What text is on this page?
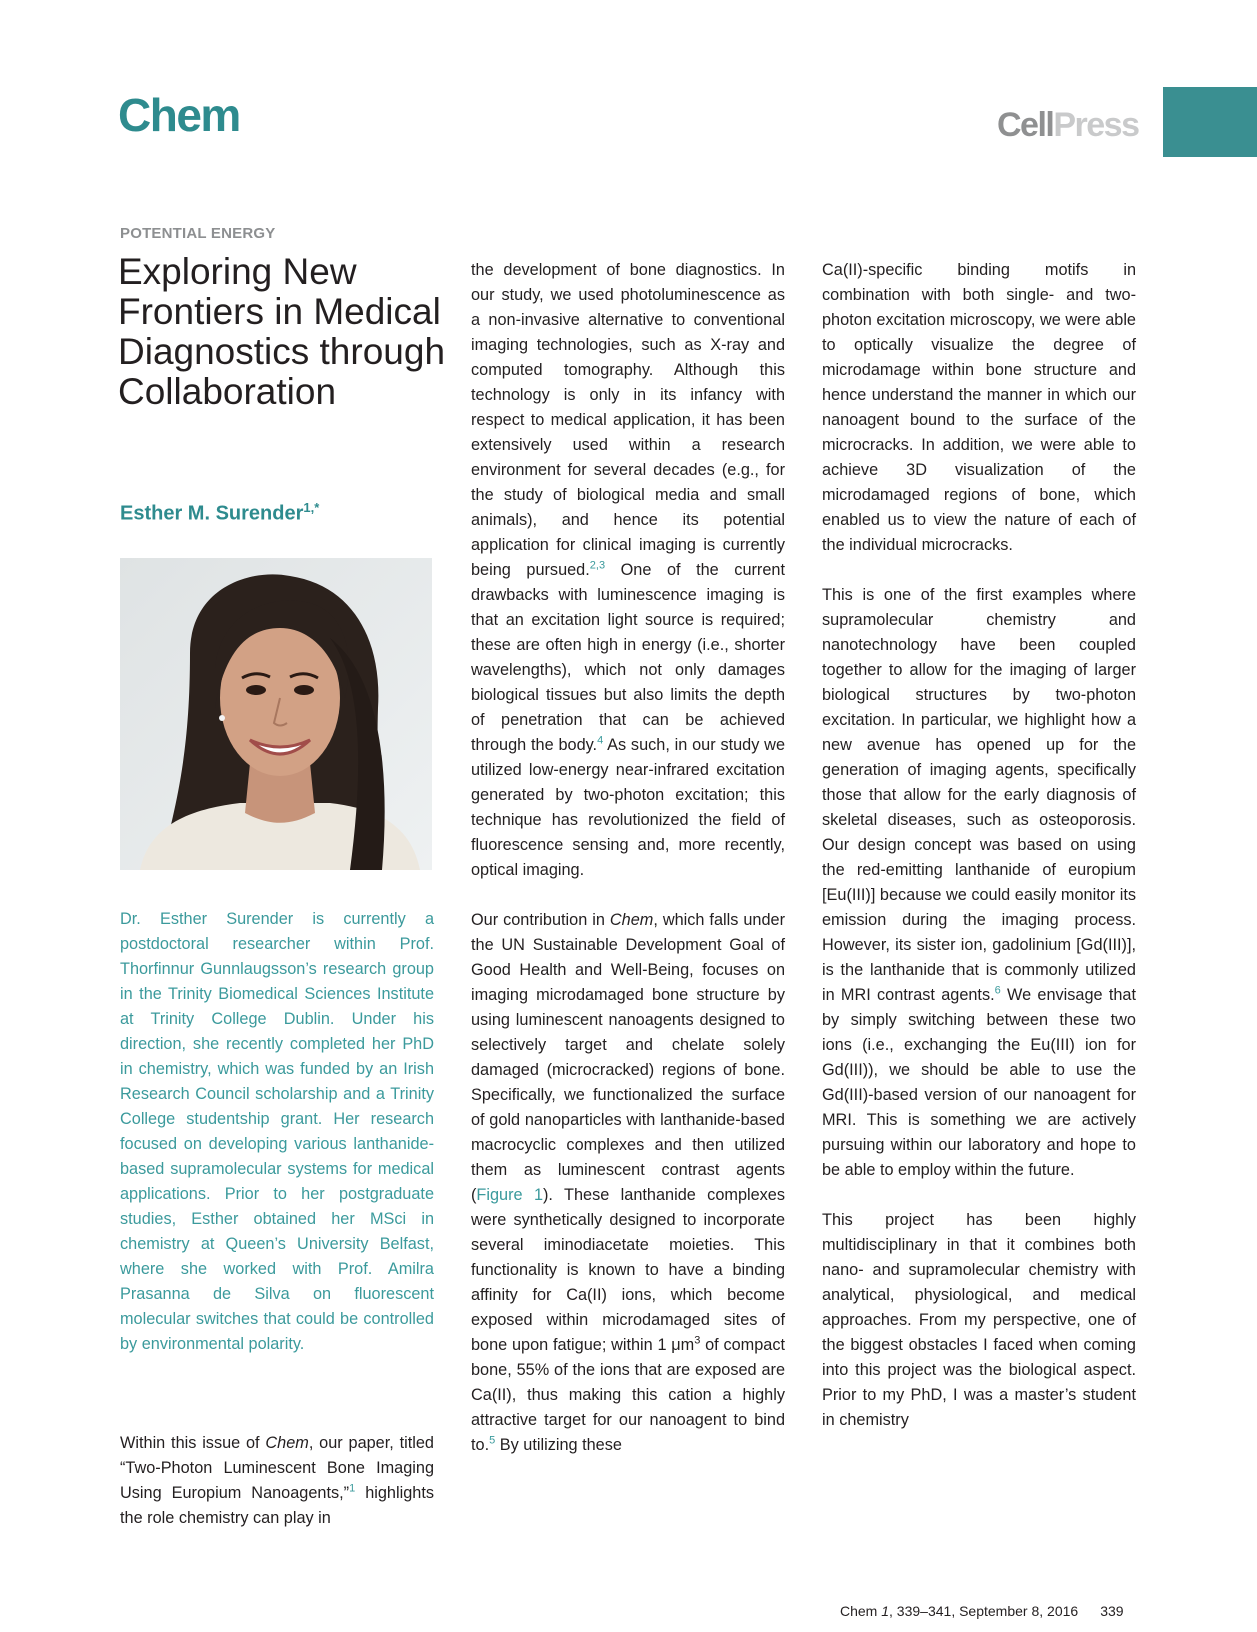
Chem	CellPress
POTENTIAL ENERGY
Exploring New Frontiers in Medical Diagnostics through Collaboration
Esther M. Surender$^{1,*}$

Dr. Esther Surender is currently a postdoctoral researcher within Prof. Thorfinnur Gunnlaugsson’s research group in the Trinity Biomedical Sciences Institute at Trinity College Dublin. Under his direction, she recently completed her PhD in chemistry, which was funded by an Irish Research Council scholarship and a Trinity College studentship grant. Her research focused on developing various lanthanide-based supramolecular systems for medical applications. Prior to her postgraduate studies, Esther obtained her MSci in chemistry at Queen’s University Belfast, where she worked with Prof. Amilra Prasanna de Silva on fluorescent molecular switches that could be controlled by environmental polarity.

Within this issue of Chem, our paper, titled “Two-Photon Luminescent Bone Imaging Using Europium Nanoagents,”$^1$ highlights the role chemistry can play in

the development of bone diagnostics. In our study, we used photoluminescence as a non-invasive alternative to conventional imaging technologies, such as X-ray and computed tomography. Although this technology is only in its infancy with respect to medical application, it has been extensively used within a research environment for several decades (e.g., for the study of biological media and small animals), and hence its potential application for clinical imaging is currently being pursued.$^{2,3}$ One of the current drawbacks with luminescence imaging is that an excitation light source is required; these are often high in energy (i.e., shorter wavelengths), which not only damages biological tissues but also limits the depth of penetration that can be achieved through the body.$^4$ As such, in our study we utilized low-energy near-infrared excitation generated by two-photon excitation; this technique has revolutionized the field of fluorescence sensing and, more recently, optical imaging.

Our contribution in Chem, which falls under the UN Sustainable Development Goal of Good Health and Well-Being, focuses on imaging microdamaged bone structure by using luminescent nanoagents designed to selectively target and chelate solely damaged (microcracked) regions of bone. Specifically, we functionalized the surface of gold nanoparticles with lanthanide-based macrocyclic complexes and then utilized them as luminescent contrast agents (Figure 1). These lanthanide complexes were synthetically designed to incorporate several iminodiacetate moieties. This functionality is known to have a binding affinity for Ca(II) ions, which become exposed within microdamaged sites of bone upon fatigue; within 1 $\mu m^3$ of compact bone, 55% of the ions that are exposed are Ca(II), thus making this cation a highly attractive target for our nanoagent to bind to.$^5$ By utilizing these

Ca(II)-specific binding motifs in combination with both single- and two-photon excitation microscopy, we were able to optically visualize the degree of microdamage within bone structure and hence understand the manner in which our nanoagent bound to the surface of the microcracks. In addition, we were able to achieve 3D visualization of the microdamaged regions of bone, which enabled us to view the nature of each of the individual microcracks.

This is one of the first examples where supramolecular chemistry and nanotechnology have been coupled together to allow for the imaging of larger biological structures by two-photon excitation. In particular, we highlight how a new avenue has opened up for the generation of imaging agents, specifically those that allow for the early diagnosis of skeletal diseases, such as osteoporosis. Our design concept was based on using the red-emitting lanthanide of europium [Eu(III)] because we could easily monitor its emission during the imaging process. However, its sister ion, gadolinium [Gd(III)], is the lanthanide that is commonly utilized in MRI contrast agents.$^6$ We envisage that by simply switching between these two ions (i.e., exchanging the Eu(III) ion for Gd(III)), we should be able to use the Gd(III)-based version of our nanoagent for MRI. This is something we are actively pursuing within our laboratory and hope to be able to employ within the future.

This project has been highly multidisciplinary in that it combines both nano- and supramolecular chemistry with analytical, physiological, and medical approaches. From my perspective, one of the biggest obstacles I faced when coming into this project was the biological aspect. Prior to my PhD, I was a master’s student in chemistry

Chem 1, 339–341, September 8, 2016 339
